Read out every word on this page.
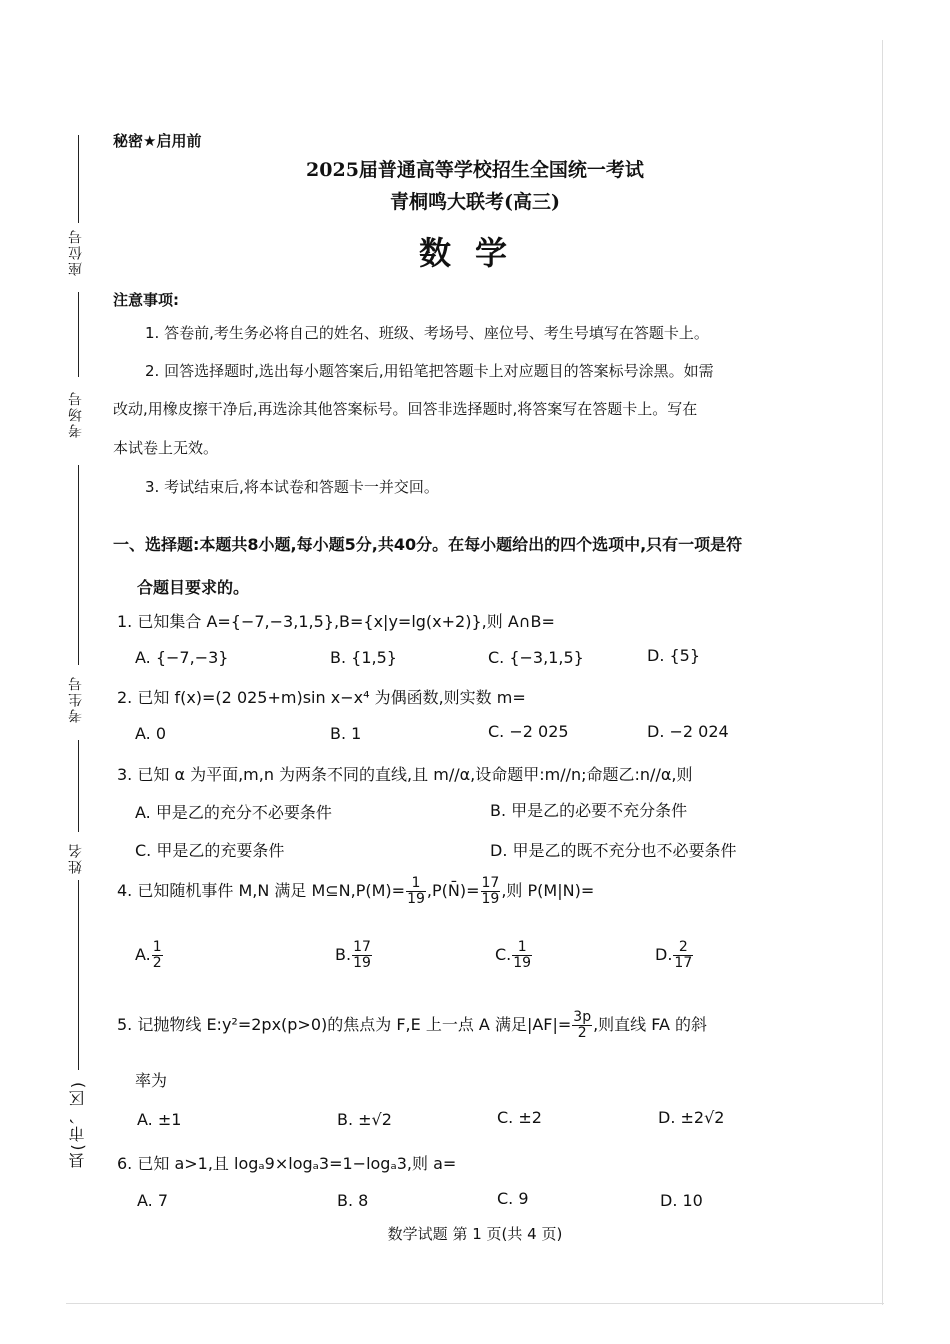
座位号
考场号
考生号
姓名
县(市、区)
秘密★启用前
2025届普通高等学校招生全国统一考试
青桐鸣大联考(高三)
数学
注意事项:
1. 答卷前,考生务必将自己的姓名、班级、考场号、座位号、考生号填写在答题卡上。
2. 回答选择题时,选出每小题答案后,用铅笔把答题卡上对应题目的答案标号涂黑。如需
改动,用橡皮擦干净后,再选涂其他答案标号。回答非选择题时,将答案写在答题卡上。写在
本试卷上无效。
3. 考试结束后,将本试卷和答题卡一并交回。
一、选择题:本题共8小题,每小题5分,共40分。在每小题给出的四个选项中,只有一项是符
合题目要求的。
1. 已知集合 A={−7,−3,1,5},B={x|y=lg(x+2)},则 A∩B=
A. {−7,−3}	B. {1,5}	C. {−3,1,5}	D. {5}
2. 已知 f(x)=(2 025+m)sin x−x⁴ 为偶函数,则实数 m=
A. 0	B. 1	C. −2 025	D. −2 024
3. 已知 α 为平面,m,n 为两条不同的直线,且 m//α,设命题甲:m//n;命题乙:n//α,则
A. 甲是乙的充分不必要条件	B. 甲是乙的必要不充分条件
C. 甲是乙的充要条件	D. 甲是乙的既不充分也不必要条件
4. 已知随机事件 M,N 满足 M⊆N,P(M)= $\frac{1}{19}$ ,P(N̄)= $\frac{17}{19}$ ,则 P(M|N)=
A. $\frac{1}{2}$	B. $\frac{17}{19}$	C. $\frac{1}{19}$	D. $\frac{2}{17}$
5. 记抛物线 E:y²=2px(p>0)的焦点为 F,E 上一点 A 满足$|AF|= \frac{3p}{2}$ ,则直线 FA 的斜
率为
A. ±1	B. ±√2	C. ±2	D. ±2√2
6. 已知 a>1,且 logₐ9×logₐ3=1−logₐ3,则 a=
A. 7	B. 8	C. 9	D. 10
数学试题 第 1 页(共 4 页)
